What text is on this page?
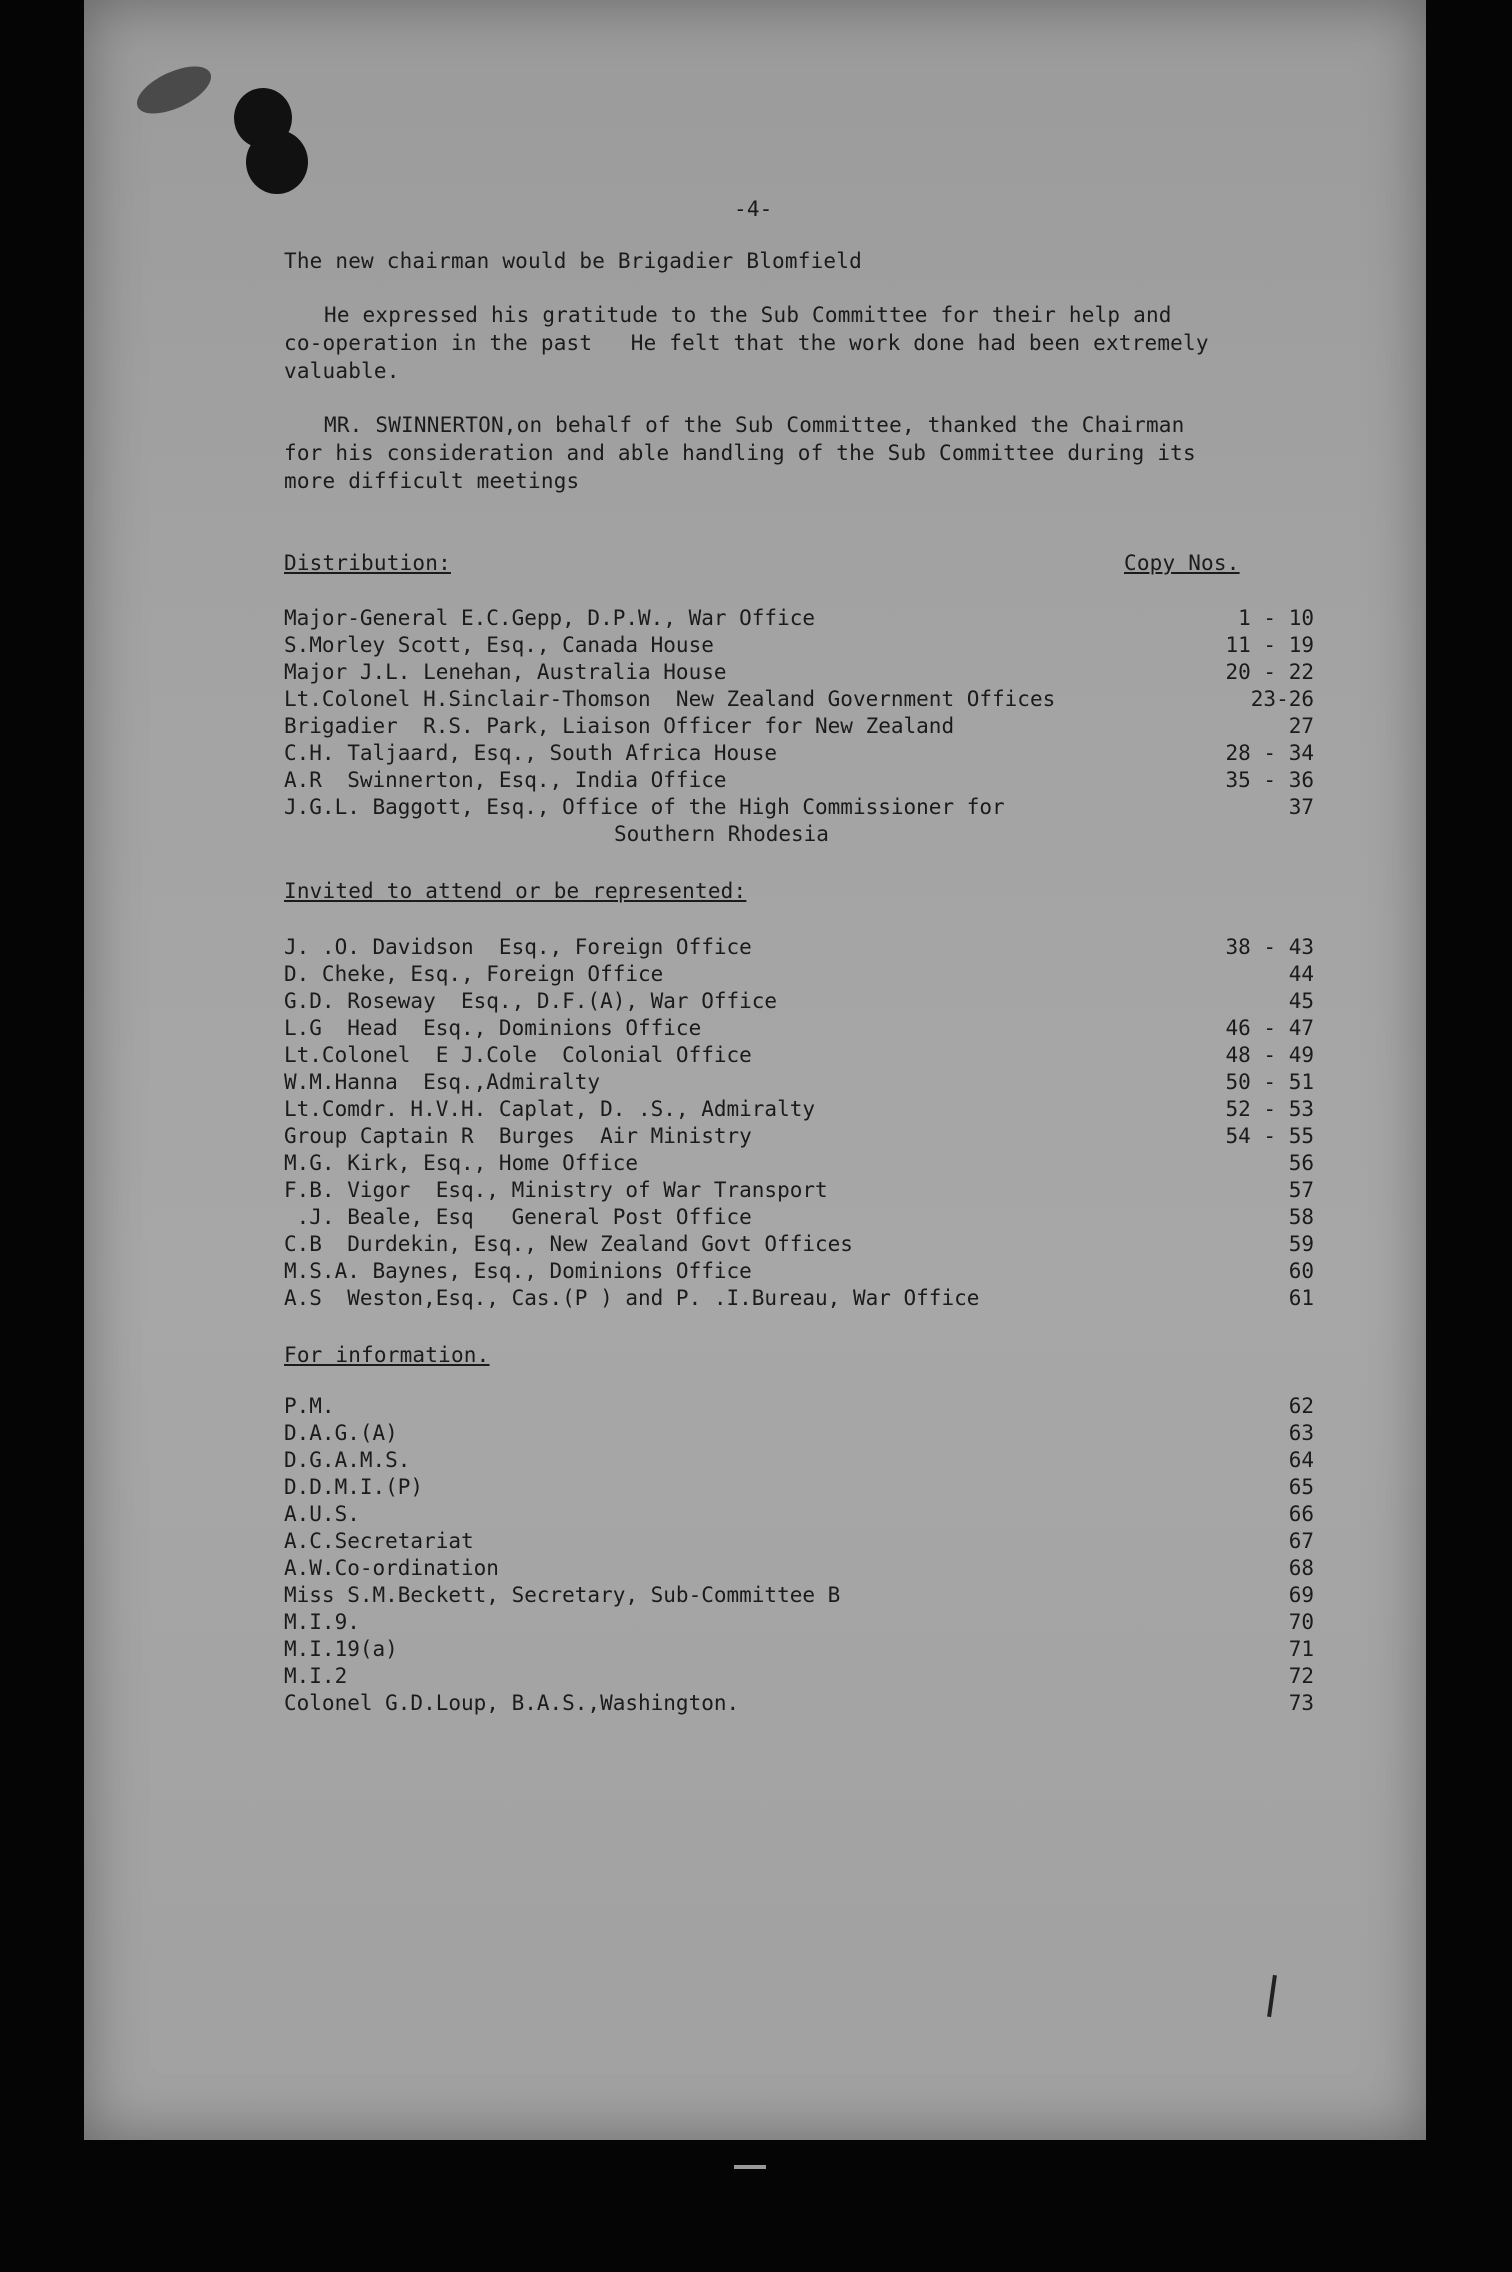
-4-
The new chairman would be Brigadier Blomfield
He expressed his gratitude to the Sub Committee for their help and
co-operation in the past   He felt that the work done had been extremely
valuable.
MR. SWINNERTON,on behalf of the Sub Committee, thanked the Chairman
for his consideration and able handling of the Sub Committee during its
more difficult meetings
Distribution:	Copy Nos.
Major-General E.C.Gepp, D.P.W., War Office	1 - 10
S.Morley Scott, Esq., Canada House	11 - 19
Major J.L. Lenehan, Australia House	20 - 22
Lt.Colonel H.Sinclair-Thomson  New Zealand Government Offices	23-26
Brigadier  R.S. Park, Liaison Officer for New Zealand	27
C.H. Taljaard, Esq., South Africa House	28 - 34
A.R  Swinnerton, Esq., India Office	35 - 36
J.G.L. Baggott, Esq., Office of the High Commissioner for	37
Southern Rhodesia
Invited to attend or be represented:
J. .O. Davidson  Esq., Foreign Office	38 - 43
D. Cheke, Esq., Foreign Office	44
G.D. Roseway  Esq., D.F.(A), War Office	45
L.G  Head  Esq., Dominions Office	46 - 47
Lt.Colonel  E J.Cole  Colonial Office	48 - 49
W.M.Hanna  Esq.,Admiralty	50 - 51
Lt.Comdr. H.V.H. Caplat, D. .S., Admiralty	52 - 53
Group Captain R  Burges  Air Ministry	54 - 55
M.G. Kirk, Esq., Home Office	56
F.B. Vigor  Esq., Ministry of War Transport	57
.J. Beale, Esq   General Post Office	58
C.B  Durdekin, Esq., New Zealand Govt Offices	59
M.S.A. Baynes, Esq., Dominions Office	60
A.S  Weston,Esq., Cas.(P ) and P. .I.Bureau, War Office	61
For information.
P.M.	62
D.A.G.(A)	63
D.G.A.M.S.	64
D.D.M.I.(P)	65
A.U.S.	66
A.C.Secretariat	67
A.W.Co-ordination	68
Miss S.M.Beckett, Secretary, Sub-Committee B	69
M.I.9.	70
M.I.19(a)	71
M.I.2	72
Colonel G.D.Loup, B.A.S.,Washington.	73
